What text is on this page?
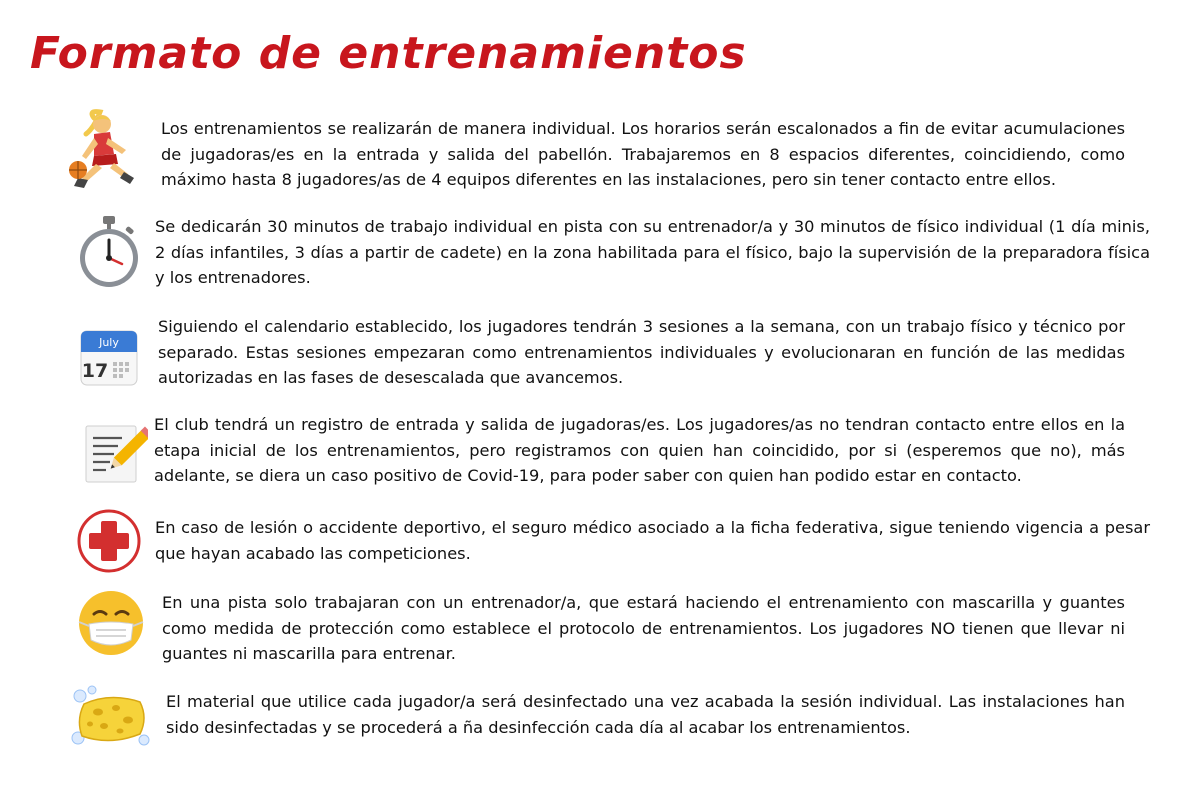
Formato de entrenamientos
Los entrenamientos se realizarán de manera individual. Los horarios serán escalonados a fin de evitar acumulaciones de jugadoras/es en la entrada y salida del pabellón. Trabajaremos en 8 espacios diferentes, coincidiendo, como máximo hasta 8 jugadores/as de 4 equipos diferentes en las instalaciones, pero sin tener contacto entre ellos.
Se dedicarán 30 minutos de trabajo individual en pista con su entrenador/a y 30 minutos de físico individual (1 día minis, 2 días infantiles, 3 días a partir de cadete) en la zona habilitada para el físico, bajo la supervisión de la preparadora física y los entrenadores.
July
17
Siguiendo el calendario establecido, los jugadores tendrán 3 sesiones a la semana, con un trabajo físico y técnico por separado. Estas sesiones empezaran como entrenamientos individuales y evolucionaran en función de las medidas autorizadas en las fases de desescalada que avancemos.
El club tendrá un registro de entrada y salida de jugadoras/es. Los jugadores/as no tendran contacto entre ellos en la etapa inicial de los entrenamientos, pero registramos con quien han coincidido, por si (esperemos que no), más adelante, se diera un caso positivo de Covid-19, para poder saber con quien han podido estar en contacto.
En caso de lesión o accidente deportivo, el seguro médico asociado a la ficha federativa, sigue teniendo vigencia a pesar que hayan acabado las competiciones.
En una pista solo trabajaran con un entrenador/a, que estará haciendo el entrenamiento con mascarilla y guantes como medida de protección como establece el protocolo de entrenamientos. Los jugadores NO tienen que llevar ni guantes ni mascarilla para entrenar.
El material que utilice cada jugador/a será desinfectado una vez acabada la sesión individual. Las instalaciones han sido desinfectadas y se procederá a ña desinfección cada día al acabar los entrenamientos.
